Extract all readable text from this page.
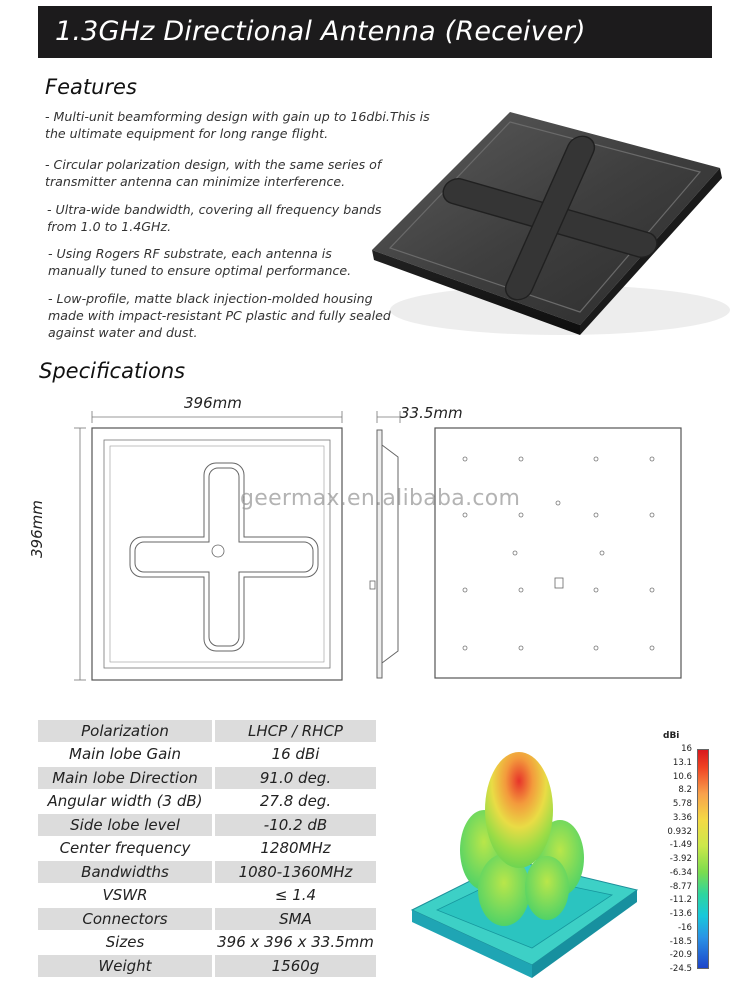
1.3GHz Directional Antenna (Receiver)
Features
- Multi-unit beamforming design with gain up to 16dbi.This is the ultimate equipment for long range flight.
- Circular polarization design, with the same series of transmitter antenna can minimize interference.
- Ultra-wide bandwidth, covering all frequency bands from 1.0 to 1.4GHz.
- Using Rogers RF substrate, each antenna is manually tuned to ensure optimal performance.
- Low-profile, matte black injection-molded housing made with impact-resistant PC plastic and fully sealed against water and dust.
Specifications
396mm
33.5mm
396mm
geermax.en.alibaba.com
Polarization	LHCP / RHCP
Main lobe Gain	16 dBi
Main lobe Direction	91.0 deg.
Angular width (3 dB)	27.8 deg.
Side lobe level	-10.2 dB
Center frequency	1280MHz
Bandwidths	1080-1360MHz
VSWR	≤ 1.4
Connectors	SMA
Sizes	396 x 396 x 33.5mm
Weight	1560g
dBi
16
13.1
10.6
8.2
5.78
3.36
0.932
-1.49
-3.92
-6.34
-8.77
-11.2
-13.6
-16
-18.5
-20.9
-24.5
